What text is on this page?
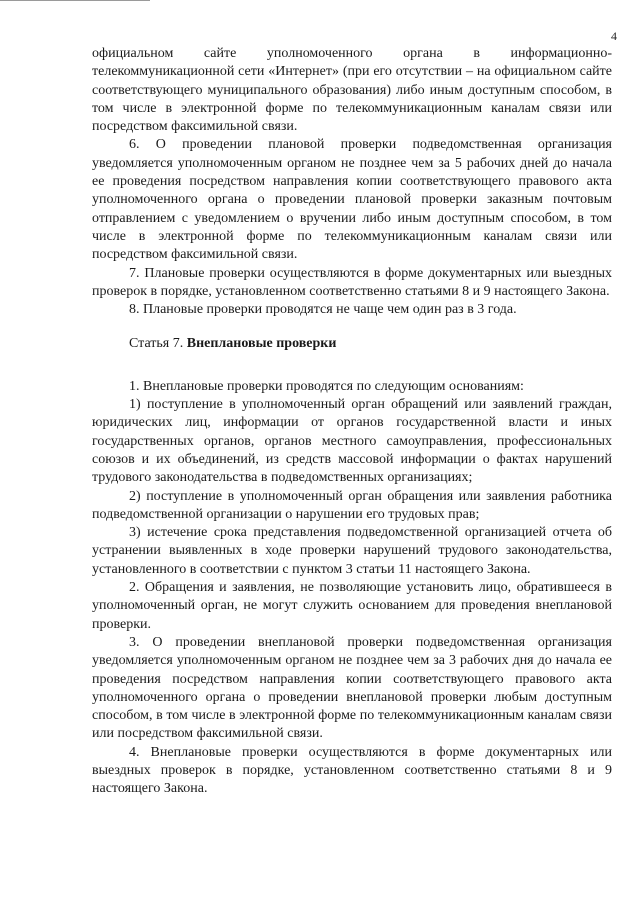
4

официальном сайте уполномоченного органа в информационно-телекоммуникационной сети «Интернет» (при его отсутствии – на официальном сайте соответствующего муниципального образования) либо иным доступным способом, в том числе в электронной форме по телекоммуникационным каналам связи или посредством факсимильной связи.

6. О проведении плановой проверки подведомственная организация уведомляется уполномоченным органом не позднее чем за 5 рабочих дней до начала ее проведения посредством направления копии соответствующего правового акта уполномоченного органа о проведении плановой проверки заказным почтовым отправлением с уведомлением о вручении либо иным доступным способом, в том числе в электронной форме по телекоммуникационным каналам связи или посредством факсимильной связи.

7. Плановые проверки осуществляются в форме документарных или выездных проверок в порядке, установленном соответственно статьями 8 и 9 настоящего Закона.

8. Плановые проверки проводятся не чаще чем один раз в 3 года.

Статья 7. Внеплановые проверки

1. Внеплановые проверки проводятся по следующим основаниям:

1) поступление в уполномоченный орган обращений или заявлений граждан, юридических лиц, информации от органов государственной власти и иных государственных органов, органов местного самоуправления, профессиональных союзов и их объединений, из средств массовой информации о фактах нарушений трудового законодательства в подведомственных организациях;

2) поступление в уполномоченный орган обращения или заявления работника подведомственной организации о нарушении его трудовых прав;

3) истечение срока представления подведомственной организацией отчета об устранении выявленных в ходе проверки нарушений трудового законодательства, установленного в соответствии с пунктом 3 статьи 11 настоящего Закона.

2. Обращения и заявления, не позволяющие установить лицо, обратившееся в уполномоченный орган, не могут служить основанием для проведения внеплановой проверки.

3. О проведении внеплановой проверки подведомственная организация уведомляется уполномоченным органом не позднее чем за 3 рабочих дня до начала ее проведения посредством направления копии соответствующего правового акта уполномоченного органа о проведении внеплановой проверки любым доступным способом, в том числе в электронной форме по телекоммуникационным каналам связи или посредством факсимильной связи.

4. Внеплановые проверки осуществляются в форме документарных или выездных проверок в порядке, установленном соответственно статьями 8 и 9 настоящего Закона.
